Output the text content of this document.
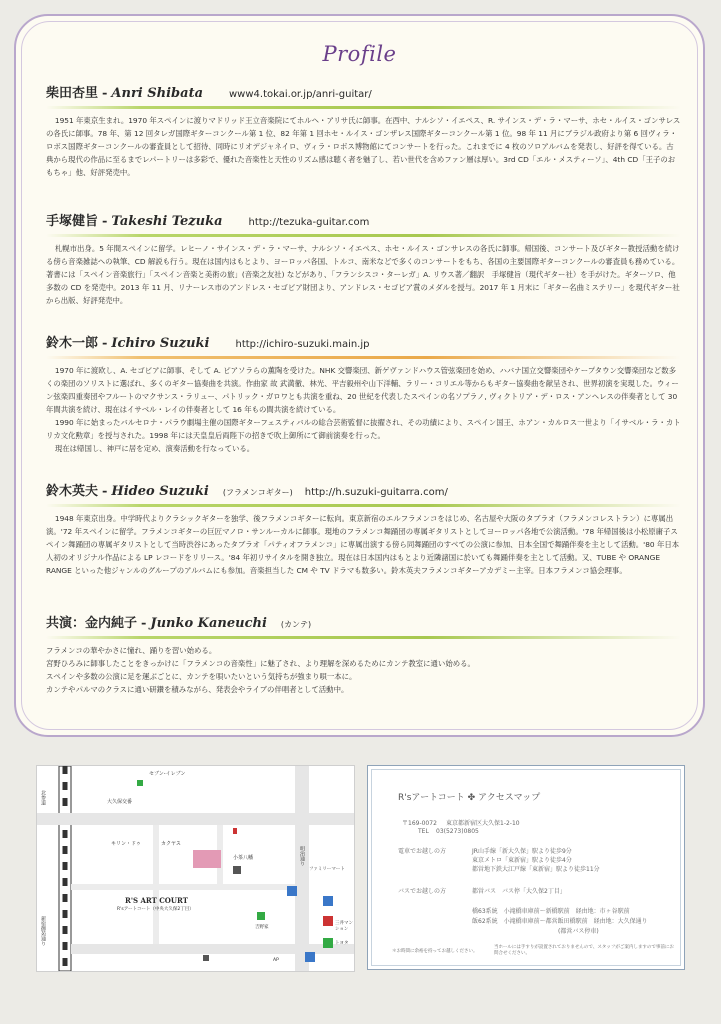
Profile
柴田杏里 - Anri Shibata	www4.tokai.or.jp/anri-guitar/

1951 年東京生まれ。1970 年スペインに渡りマドリッド王立音楽院にてホルヘ・アリサ氏に師事。在西中、ナルシソ・イエペス、R. サインス・デ・ラ・マーサ、ホセ・ルイス・ゴンサレスの各氏に師事。78 年、第 12 回タレガ国際ギターコンクール第 1 位、82 年第 1 回ホセ・ルイス・ゴンザレス国際ギターコンクール第 1 位。98 年 11 月にブラジル政府より第 6 回ヴィラ・ロボス国際ギターコンクールの審査員として招待、同時にリオデジャネイロ、ヴィラ・ロボス博物館にてコンサートを行った。これまでに 4 枚のソロアルバムを発表し、好評を得ている。古典から現代の作品に至るまでレパートリーは多彩で、優れた音楽性と天性のリズム感は聴く者を魅了し、若い世代を含めファン層は厚い。3rd CD「エル・メスティーソ」、4th CD「王子のおもちゃ」他、好評発売中。

手塚健旨 - Takeshi Tezuka	http://tezuka-guitar.com

札幌市出身。5 年間スペインに留学。レヒーノ・サインス・デ・ラ・マーサ、ナルシソ・イエペス、ホセ・ルイス・ゴンサレスの各氏に師事。帰国後、コンサート及びギター教授活動を続ける傍ら音楽雑誌への執筆、CD 解説も行う。現在は国内はもとより、ヨーロッパ各国、トルコ、南米などで多くのコンサートをもち、各国の主要国際ギターコンクールの審査員も務めている。著書には「スペイン音楽旅行」「スペイン音楽と美術の旅」(音楽之友社) などがあり、「フランシスコ・ターレガ」A. リウス著／翻訳　手塚健旨（現代ギター社）を手がけた。ギターソロ、他多数の CD を発売中。2013 年 11 月、リナーレス市のアンドレス・セゴビア財団より、アンドレス・セゴビア賞のメダルを授与。2017 年 1 月末に「ギター名曲ミステリー」を現代ギター社から出版、好評発売中。

鈴木一郎 - Ichiro Suzuki	http://ichiro-suzuki.main.jp

1970 年に渡欧し、A. セゴビアに師事、そして A. ピアソラらの薫陶を受けた。NHK 交響楽団、新ゲヴァンドハウス管弦楽団を始め、ハバナ国立交響楽団やケープタウン交響楽団など数多くの楽団のソリストに選ばれ、多くのギター協奏曲を共演。作曲家 故 武満徹、林光、平吉毅州や山下洋輔、ラリー・コリエル等からもギター協奏曲を献呈され、世界初演を実現した。ウィーン弦楽四重奏団やフルートのマクサンス・ラリュー、パトリック・ガロワとも共演を重ね、20 世紀を代表したスペインの名ソプラノ, ヴィクトリア・デ・ロス・アンヘレスの伴奏者として 30 年間共演を続け、現在はイサベル・レイの伴奏者として 16 年もの間共演を続けている。

1990 年に始まったバルセロナ・パラウ劇場主催の国際ギターフェスティバルの総合芸術監督に抜擢され、その功績により、スペイン国王、ホアン・カルロス一世より「イサベル・ラ・カトリカ文化勲章」を授与された。1998 年には天皇皇后両陛下の招きで吹上御所にて御前演奏を行った。

現在は帰国し、神戸に居を定め、演奏活動を行なっている。

鈴木英夫 - Hideo Suzuki (フラメンコギター) http://h.suzuki-guitarra.com/

1948 年東京出身。中学時代よりクラシックギターを独学、後フラメンコギターに転向。東京新宿のエルフラメンコをはじめ、名古屋や大阪のタブラオ（フラメンコレストラン）に専属出演。'72 年スペインに留学。フラメンコギターの巨匠マノロ・サンルーカルに師事。現地のフラメンコ舞踊団の専属ギタリストとしてヨーロッパ各地で公演活動。'78 年帰国後は小松原庸子スペイン舞踊団の専属ギタリストとして当時渋谷にあったタブラオ「パティオフラメンコ」に専属出演する傍ら同舞踊団のすべての公演に参加、日本全国で舞踊伴奏を主として活動。'80 年日本人初のオリジナル作品による LP レコードをリリース。'84 年初リサイタルを開き独立。現在は日本国内はもとより近隣諸国に於いても舞踊伴奏を主として活動。又、TUBE や ORANGE RANGE といった他ジャンルのグループのアルバムにも参加。音楽担当した CM や TV ドラマも数多い。鈴木英夫フラメンコギターアカデミー主宰。日本フラメンコ協会理事。

共演：金内純子 - Junko Kaneuchi (カンテ)

フラメンコの華やかさに憧れ、踊りを習い始める。

宮野ひろみに師事したことをきっかけに「フラメンコの音楽性」に魅了され、より理解を深めるためにカンテ教室に通い始める。

スペインや多数の公演に足を運ぶごとに、カンテを唄いたいという気持ちが強まり唄一本に。

カンテやパルマのクラスに通い研鑽を積みながら、発表会やライブの伴唱者として活動中。

北参道
新宿御苑通り
明治通り
セブン-イレブン
大久保交番
キリン・ドゥ	カクヤス
小茶八幡
R'S ART COURT
R'sアートコート（中央大久保2丁目）
ファミリーマート
三井マンション
吉野家
トヨタ
AP
R'sアートコート ✤ アクセスマップ
〒169-0072 東京都新宿区大久保1-2-10
TEL 03(5273)0805
電車でお越しの方	JR山手線「新大久保」駅より徒歩9分
東京メトロ「東新宿」駅より徒歩4分
都営地下鉄大江戸線「東新宿」駅より徒歩11分
バスでお越しの方	都営バス　バス停「大久保2丁目」
橋63系統　小滝橋車庫前〜新橋駅前　経由地：市ヶ谷駅前
飯62系統　小滝橋車庫前〜都営飯田橋駅前　経由地：大久保通り
(都営バス停車)
＊お時間に余裕を持ってお越しください。
当ホールには手すりが設置されておりませんので、スタッフがご案内しますので事前にお問合せください。
